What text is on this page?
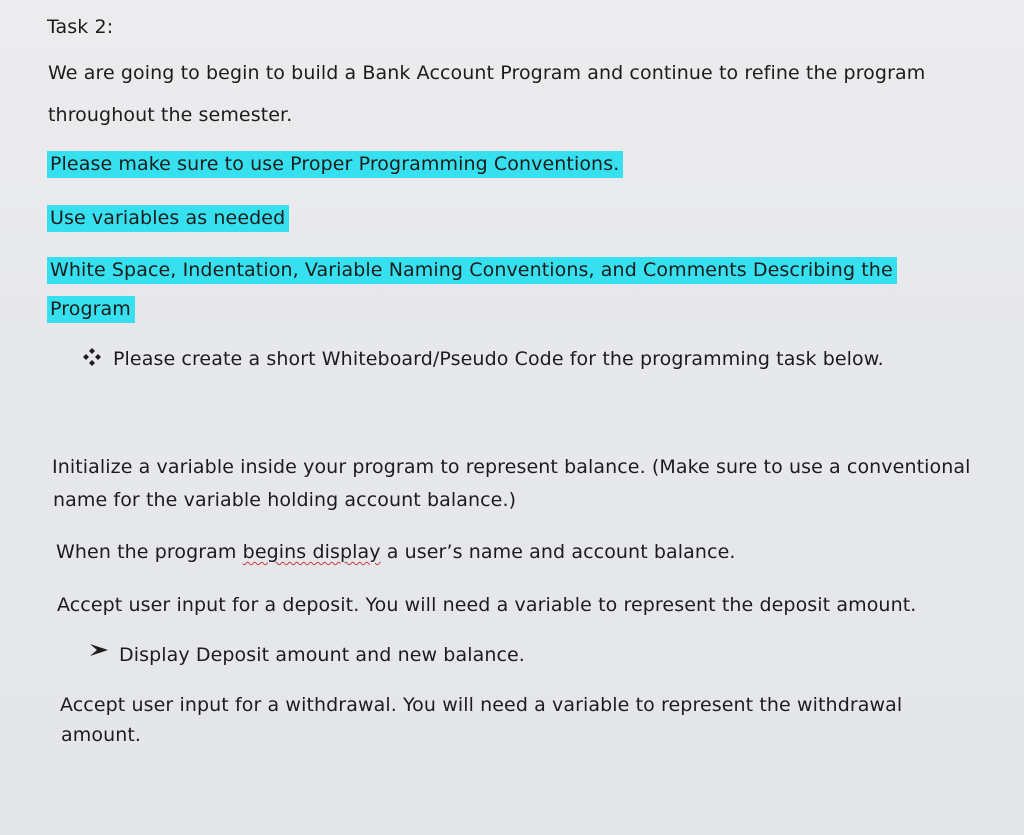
Task 2:
We are going to begin to build a Bank Account Program and continue to refine the program
throughout the semester.
Please make sure to use Proper Programming Conventions.
Use variables as needed
White Space, Indentation, Variable Naming Conventions, and Comments Describing the
Program
Please create a short Whiteboard/Pseudo Code for the programming task below.
Initialize a variable inside your program to represent balance. (Make sure to use a conventional
name for the variable holding account balance.)
When the program begins display a user’s name and account balance.
Accept user input for a deposit. You will need a variable to represent the deposit amount.
Display Deposit amount and new balance.
Accept user input for a withdrawal. You will need a variable to represent the withdrawal
amount.
